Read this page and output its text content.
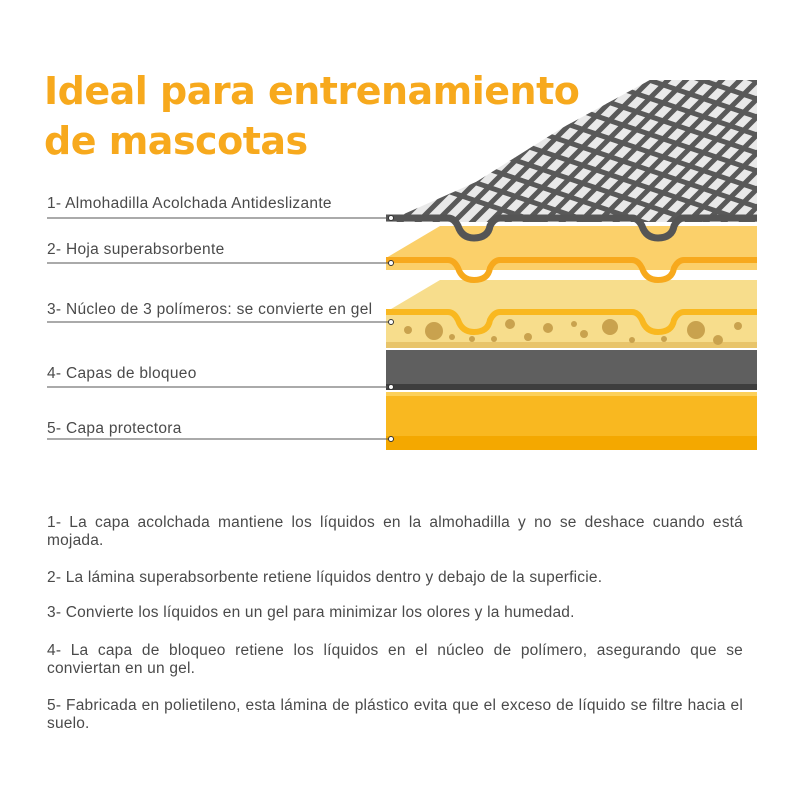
Ideal para entrenamiento
de mascotas
1- Almohadilla Acolchada Antideslizante
2- Hoja superabsorbente
3- Núcleo de 3 polímeros: se convierte en gel
4- Capas de bloqueo
5- Capa protectora
1- La capa acolchada mantiene los líquidos en la almohadilla y no se deshace cuando está mojada.
2- La lámina superabsorbente retiene líquidos dentro y debajo de la superficie.
3- Convierte los líquidos en un gel para minimizar los olores y la humedad.
4- La capa de bloqueo retiene los líquidos en el núcleo de polímero, asegurando que se conviertan en un gel.
5- Fabricada en polietileno, esta lámina de plástico evita que el exceso de líquido se filtre hacia el suelo.
